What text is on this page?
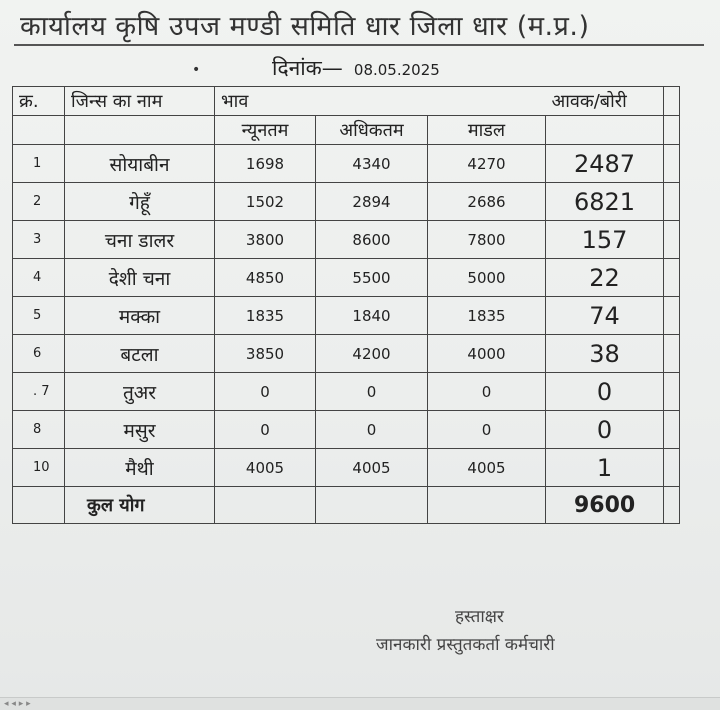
कार्यालय कृषि उपज मण्डी समिति धार जिला धार (म.प्र.)
•	दिनांक— 08.05.2025
क्र.	जिन्स का नाम	भाव			आवक/बोरी	
		न्यूनतम	अधिकतम	माडल		
1	सोयाबीन	1698	4340	4270	2487	
2	गेहूँ	1502	2894	2686	6821	
3	चना डालर	3800	8600	7800	157	
4	देशी चना	4850	5500	5000	22	
5	मक्का	1835	1840	1835	74	
6	बटला	3850	4200	4000	38	
. 7	तुअर	0	0	0	0	
8	मसुर	0	0	0	0	
10	मैथी	4005	4005	4005	1	
	कुल योग				9600	
हस्ताक्षर
जानकारी प्रस्तुतकर्ता कर्मचारी
◂ ◂ ▸ ▸
